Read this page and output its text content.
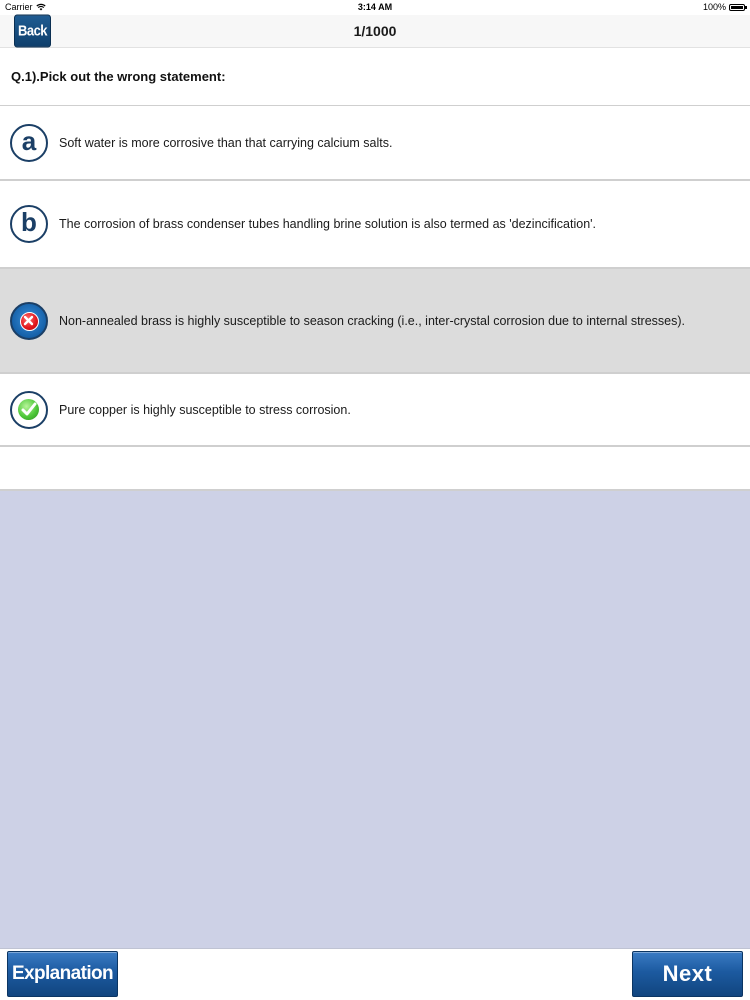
Carrier	3:14 AM	100%
Back	1/1000
Q.1).Pick out the wrong statement:
a	Soft water is more corrosive than that carrying calcium salts.
b	The corrosion of brass condenser tubes handling brine solution is also termed as 'dezincification'.
Non-annealed brass is highly susceptible to season cracking (i.e., inter-crystal corrosion due to internal stresses).
Pure copper is highly susceptible to stress corrosion.
Explanation	Next
